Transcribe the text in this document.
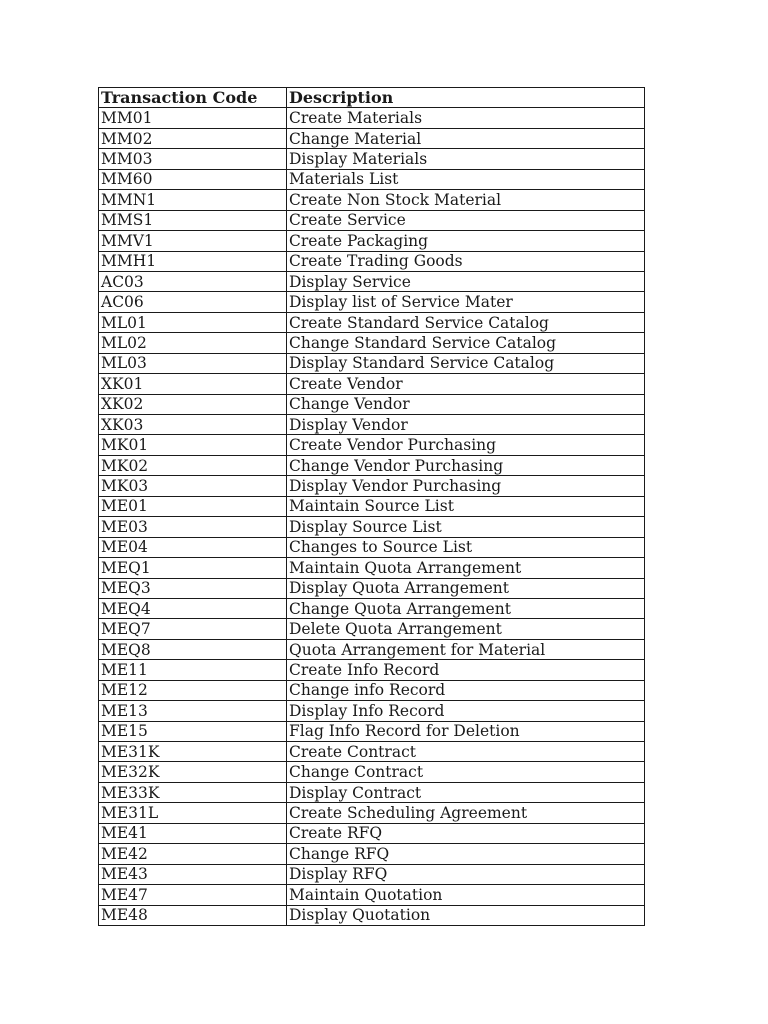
Transaction Code	Description
MM01	Create Materials
MM02	Change Material
MM03	Display Materials
MM60	Materials List
MMN1	Create Non Stock Material
MMS1	Create Service
MMV1	Create Packaging
MMH1	Create Trading Goods
AC03	Display Service
AC06	Display list of Service Mater
ML01	Create Standard Service Catalog
ML02	Change Standard Service Catalog
ML03	Display Standard Service Catalog
XK01	Create Vendor
XK02	Change Vendor
XK03	Display Vendor
MK01	Create Vendor Purchasing
MK02	Change Vendor Purchasing
MK03	Display Vendor Purchasing
ME01	Maintain Source List
ME03	Display Source List
ME04	Changes to Source List
MEQ1	Maintain Quota Arrangement
MEQ3	Display Quota Arrangement
MEQ4	Change Quota Arrangement
MEQ7	Delete Quota Arrangement
MEQ8	Quota Arrangement for Material
ME11	Create Info Record
ME12	Change info Record
ME13	Display Info Record
ME15	Flag Info Record for Deletion
ME31K	Create Contract
ME32K	Change Contract
ME33K	Display Contract
ME31L	Create Scheduling Agreement
ME41	Create RFQ
ME42	Change RFQ
ME43	Display RFQ
ME47	Maintain Quotation
ME48	Display Quotation
